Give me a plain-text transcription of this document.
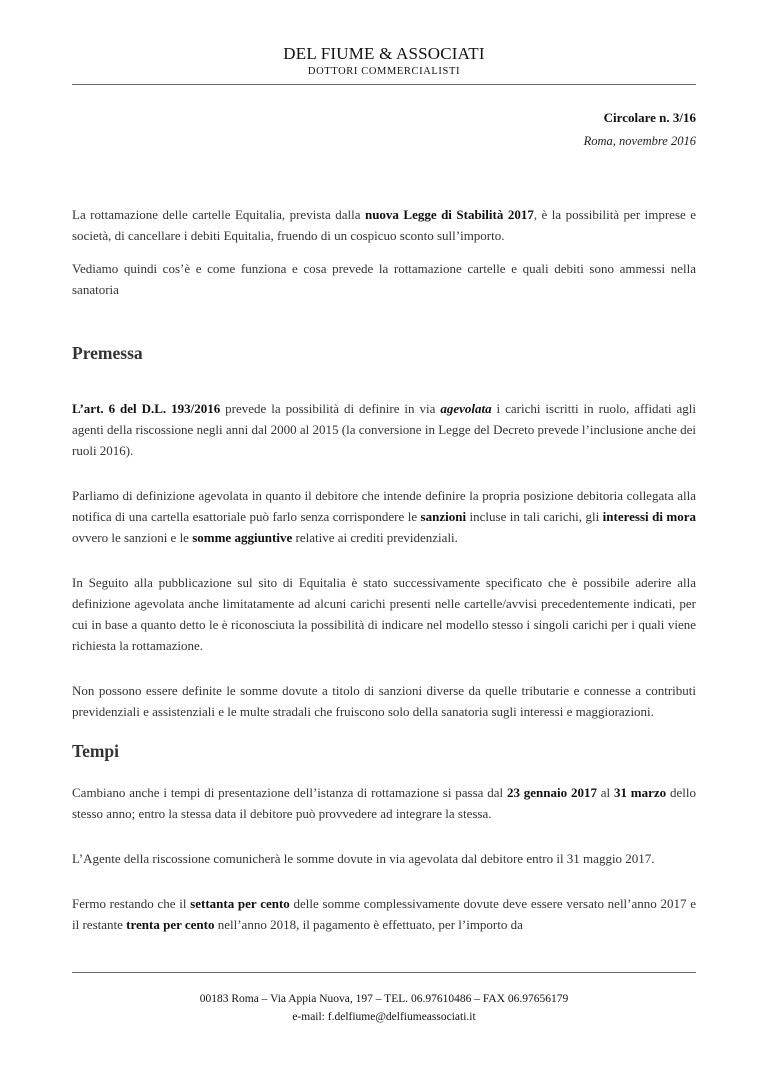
DEL FIUME & ASSOCIATI
DOTTORI COMMERCIALISTI
Circolare n. 3/16
Roma, novembre 2016

La rottamazione delle cartelle Equitalia, prevista dalla nuova Legge di Stabilità 2017, è la possibilità per imprese e società, di cancellare i debiti Equitalia, fruendo di un cospicuo sconto sull’importo.

Vediamo quindi cos’è e come funziona e cosa prevede la rottamazione cartelle e quali debiti sono ammessi nella sanatoria

Premessa

L’art. 6 del D.L. 193/2016 prevede la possibilità di definire in via agevolata i carichi iscritti in ruolo, affidati agli agenti della riscossione negli anni dal 2000 al 2015 (la conversione in Legge del Decreto prevede l’inclusione anche dei ruoli 2016).

Parliamo di definizione agevolata in quanto il debitore che intende definire la propria posizione debitoria collegata alla notifica di una cartella esattoriale può farlo senza corrispondere le sanzioni incluse in tali carichi, gli interessi di mora ovvero le sanzioni e le somme aggiuntive relative ai crediti previdenziali.

In Seguito alla pubblicazione sul sito di Equitalia è stato successivamente specificato che è possibile aderire alla definizione agevolata anche limitatamente ad alcuni carichi presenti nelle cartelle/avvisi precedentemente indicati, per cui in base a quanto detto le è riconosciuta la possibilità di indicare nel modello stesso i singoli carichi per i quali viene richiesta la rottamazione.

Non possono essere definite le somme dovute a titolo di sanzioni diverse da quelle tributarie e connesse a contributi previdenziali e assistenziali e le multe stradali che fruiscono solo della sanatoria sugli interessi e maggiorazioni.

Tempi

Cambiano anche i tempi di presentazione dell’istanza di rottamazione si passa dal 23 gennaio 2017 al 31 marzo dello stesso anno; entro la stessa data il debitore può provvedere ad integrare la stessa.

L’Agente della riscossione comunicherà le somme dovute in via agevolata dal debitore entro il 31 maggio 2017.

Fermo restando che il settanta per cento delle somme complessivamente dovute deve essere versato nell’anno 2017 e il restante trenta per cento nell’anno 2018, il pagamento è effettuato, per l’importo da

00183 Roma – Via Appia Nuova, 197 – TEL. 06.97610486 – FAX 06.97656179
e-mail: f.delfiume@delfiumeassociati.it
